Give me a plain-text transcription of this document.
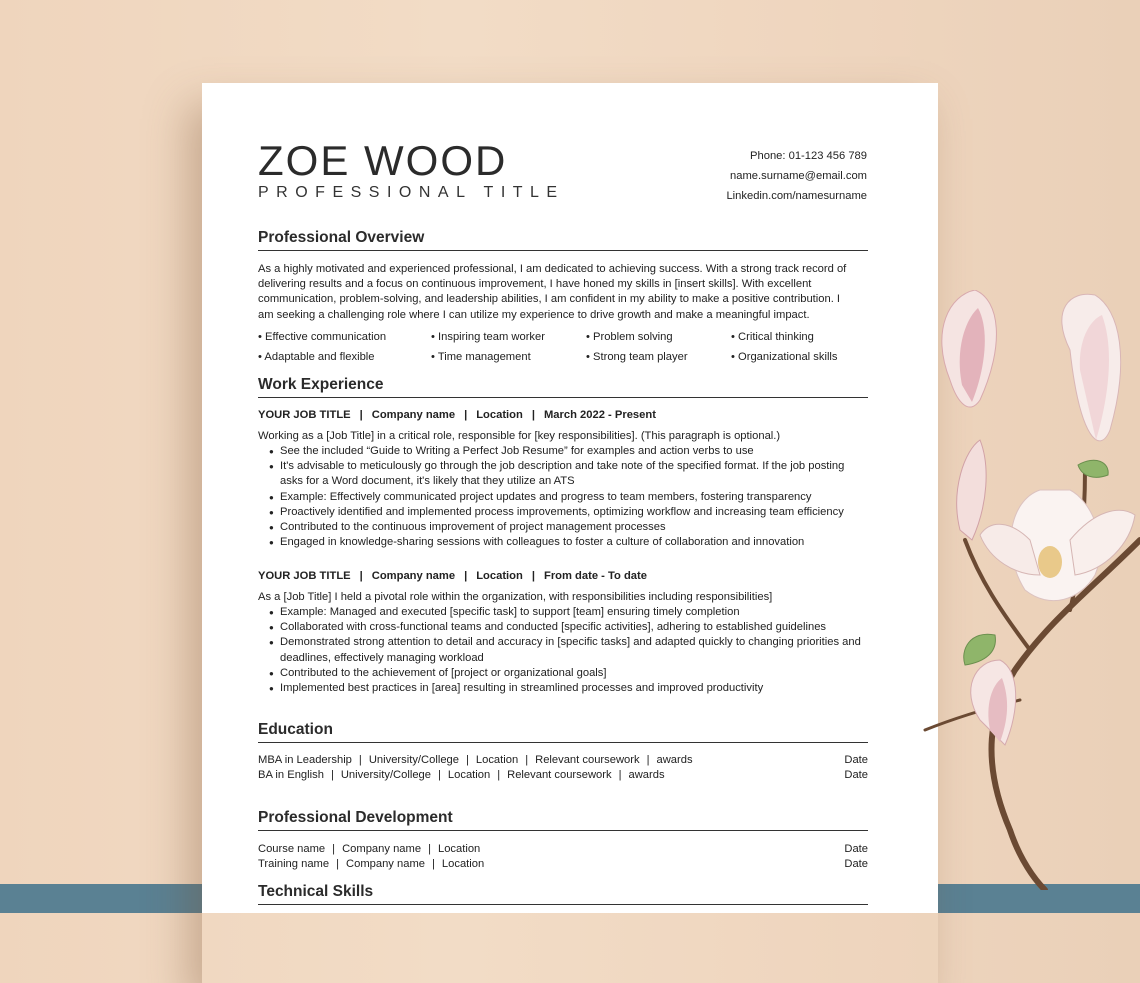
ZOE WOOD
PROFESSIONAL TITLE
Phone: 01-123 456 789
name.surname@email.com
Linkedin.com/namesurname
Professional Overview
As a highly motivated and experienced professional, I am dedicated to achieving success. With a strong track record of
delivering results and a focus on continuous improvement, I have honed my skills in [insert skills]. With excellent
communication, problem-solving, and leadership abilities, I am confident in my ability to make a positive contribution. I
am seeking a challenging role where I can utilize my experience to drive growth and make a meaningful impact.
• Effective communication	• Inspiring team worker	• Problem solving	• Critical thinking
• Adaptable and flexible	• Time management	• Strong team player	• Organizational skills
Work Experience
YOUR JOB TITLE | Company name | Location | March 2022 - Present
Working as a [Job Title] in a critical role, responsible for [key responsibilities]. (This paragraph is optional.)
● See the included “Guide to Writing a Perfect Job Resume” for examples and action verbs to use
● It's advisable to meticulously go through the job description and take note of the specified format. If the job posting asks for a Word document, it's likely that they utilize an ATS
● Example: Effectively communicated project updates and progress to team members, fostering transparency
● Proactively identified and implemented process improvements, optimizing workflow and increasing team efficiency
● Contributed to the continuous improvement of project management processes
● Engaged in knowledge-sharing sessions with colleagues to foster a culture of collaboration and innovation
YOUR JOB TITLE | Company name | Location | From date - To date
As a [Job Title] I held a pivotal role within the organization, with responsibilities including responsibilities]
● Example: Managed and executed [specific task] to support [team] ensuring timely completion
● Collaborated with cross-functional teams and conducted [specific activities], adhering to established guidelines
● Demonstrated strong attention to detail and accuracy in [specific tasks] and adapted quickly to changing priorities and deadlines, effectively managing workload
● Contributed to the achievement of [project or organizational goals]
● Implemented best practices in [area] resulting in streamlined processes and improved productivity
Education
MBA in Leadership | University/College | Location | Relevant coursework | awards	Date
BA in English | University/College | Location | Relevant coursework | awards	Date
Professional Development
Course name | Company name | Location	Date
Training name | Company name | Location	Date
Technical Skills
